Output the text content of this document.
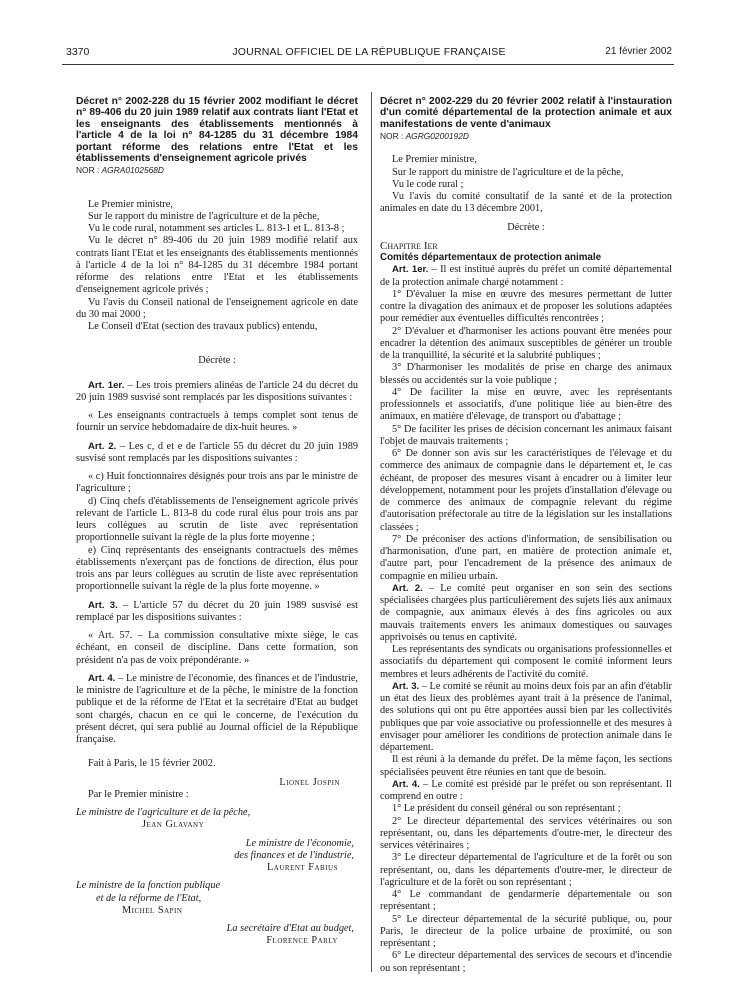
3370	JOURNAL OFFICIEL DE LA RÉPUBLIQUE FRANÇAISE	21 février 2002

Décret n° 2002-228 du 15 février 2002 modifiant le décret n° 89-406 du 20 juin 1989 relatif aux contrats liant l'Etat et les enseignants des établissements mentionnés à l'article 4 de la loi n° 84-1285 du 31 décembre 1984 portant réforme des relations entre l'Etat et les établissements d'enseignement agricole privés

NOR : AGRA0102568D

Le Premier ministre,

Sur le rapport du ministre de l'agriculture et de la pêche,

Vu le code rural, notamment ses articles L. 813-1 et L. 813-8 ;

Vu le décret n° 89-406 du 20 juin 1989 modifié relatif aux contrats liant l'Etat et les enseignants des établissements mentionnés à l'article 4 de la loi n° 84-1285 du 31 décembre 1984 portant réforme des relations entre l'Etat et les établissements d'enseignement agricole privés ;

Vu l'avis du Conseil national de l'enseignement agricole en date du 30 mai 2000 ;

Le Conseil d'Etat (section des travaux publics) entendu,

Décrète :

Art. 1er. – Les trois premiers alinéas de l'article 24 du décret du 20 juin 1989 susvisé sont remplacés par les dispositions suivantes :

« Les enseignants contractuels à temps complet sont tenus de fournir un service hebdomadaire de dix-huit heures. »

Art. 2. – Les c, d et e de l'article 55 du décret du 20 juin 1989 susvisé sont remplacés par les dispositions suivantes :

« c) Huit fonctionnaires désignés pour trois ans par le ministre de l'agriculture ;

d) Cinq chefs d'établissements de l'enseignement agricole privés relevant de l'article L. 813-8 du code rural élus pour trois ans par leurs collègues au scrutin de liste avec représentation proportionnelle suivant la règle de la plus forte moyenne ;

e) Cinq représentants des enseignants contractuels des mêmes établissements n'exerçant pas de fonctions de direction, élus pour trois ans par leurs collègues au scrutin de liste avec représentation proportionnelle suivant la règle de la plus forte moyenne. »

Art. 3. – L'article 57 du décret du 20 juin 1989 susvisé est remplacé par les dispositions suivantes :

« Art. 57. – La commission consultative mixte siège, le cas échéant, en conseil de discipline. Dans cette formation, son président n'a pas de voix prépondérante. »

Art. 4. – Le ministre de l'économie, des finances et de l'industrie, le ministre de l'agriculture et de la pêche, le ministre de la fonction publique et de la réforme de l'Etat et la secrétaire d'Etat au budget sont chargés, chacun en ce qui le concerne, de l'exécution du présent décret, qui sera publié au Journal officiel de la République française.

Fait à Paris, le 15 février 2002.

Lionel Jospin

Par le Premier ministre :

Le ministre de l'agriculture et de la pêche,

Jean Glavany

Le ministre de l'économie,

des finances et de l'industrie,

Laurent Fabius

Le ministre de la fonction publique

et de la réforme de l'Etat,

Michel Sapin

La secrétaire d'Etat au budget,

Florence Parly

Décret n° 2002-229 du 20 février 2002 relatif à l'instauration d'un comité départemental de la protection animale et aux manifestations de vente d'animaux

NOR : AGRG0200192D

Le Premier ministre,

Sur le rapport du ministre de l'agriculture et de la pêche,

Vu le code rural ;

Vu l'avis du comité consultatif de la santé et de la protection animales en date du 13 décembre 2001,

Décrète :

Chapitre Ier

Comités départementaux de protection animale

Art. 1er. – Il est institué auprès du préfet un comité départemental de la protection animale chargé notamment :

1° D'évaluer la mise en œuvre des mesures permettant de lutter contre la divagation des animaux et de proposer les solutions adaptées pour remédier aux éventuelles difficultés rencontrées ;

2° D'évaluer et d'harmoniser les actions pouvant être menées pour encadrer la détention des animaux susceptibles de générer un trouble de la tranquillité, la sécurité et la salubrité publiques ;

3° D'harmoniser les modalités de prise en charge des animaux blessés ou accidentés sur la voie publique ;

4° De faciliter la mise en œuvre, avec les représentants professionnels et associatifs, d'une politique liée au bien-être des animaux, en matière d'élevage, de transport ou d'abattage ;

5° De faciliter les prises de décision concernant les animaux faisant l'objet de mauvais traitements ;

6° De donner son avis sur les caractéristiques de l'élevage et du commerce des animaux de compagnie dans le département et, le cas échéant, de proposer des mesures visant à encadrer ou à limiter leur développement, notamment pour les projets d'installation d'élevage ou de commerce des animaux de compagnie relevant du régime d'autorisation préfectorale au titre de la législation sur les installations classées ;

7° De préconiser des actions d'information, de sensibilisation ou d'harmonisation, d'une part, en matière de protection animale et, d'autre part, pour l'encadrement de la présence des animaux de compagnie en milieu urbain.

Art. 2. – Le comité peut organiser en son sein des sections spécialisées chargées plus particulièrement des sujets liés aux animaux de compagnie, aux animaux élevés à des fins agricoles ou aux mauvais traitements envers les animaux domestiques ou sauvages apprivoisés ou tenus en captivité.

Les représentants des syndicats ou organisations professionnelles et associatifs du département qui composent le comité informent leurs membres et leurs adhérents de l'activité du comité.

Art. 3. – Le comité se réunit au moins deux fois par an afin d'établir un état des lieux des problèmes ayant trait à la présence de l'animal, des solutions qui ont pu être apportées aussi bien par les collectivités publiques que par voie associative ou professionnelle et des mesures à envisager pour améliorer les conditions de protection animale dans le département.

Il est réuni à la demande du préfet. De la même façon, les sections spécialisées peuvent être réunies en tant que de besoin.

Art. 4. – Le comité est présidé par le préfet ou son représentant. Il comprend en outre :

1° Le président du conseil général ou son représentant ;

2° Le directeur départemental des services vétérinaires ou son représentant, ou, dans les départements d'outre-mer, le directeur des services vétérinaires ;

3° Le directeur départemental de l'agriculture et de la forêt ou son représentant, ou, dans les départements d'outre-mer, le directeur de l'agriculture et de la forêt ou son représentant ;

4° Le commandant de gendarmerie départementale ou son représentant ;

5° Le directeur départemental de la sécurité publique, ou, pour Paris, le directeur de la police urbaine de proximité, ou son représentant ;

6° Le directeur départemental des services de secours et d'incendie ou son représentant ;
